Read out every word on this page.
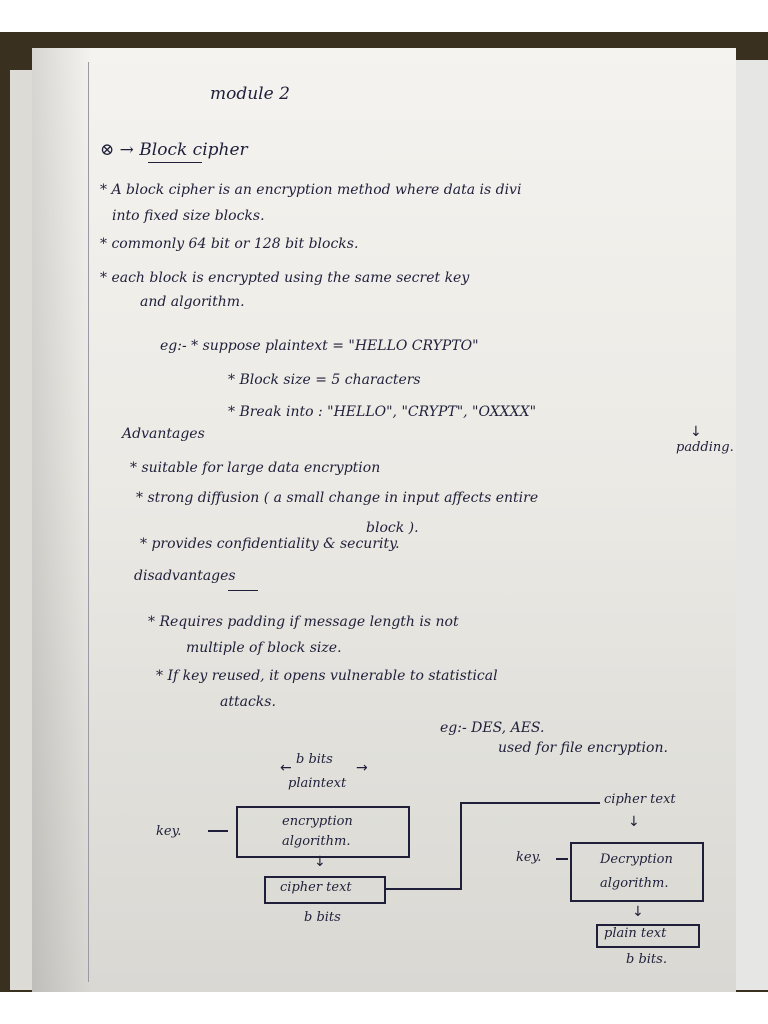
module 2
⊗ → Block cipher
* A block cipher is an encryption method where data is divi
into fixed size blocks.
* commonly 64 bit or 128 bit blocks.
* each block is encrypted using the same secret key
and algorithm.
eg:- * suppose plaintext = "HELLO CRYPTO"
* Block size = 5 characters
* Break into : "HELLO", "CRYPT", "OXXXX"
↓
padding.
Advantages
* suitable for large data encryption
* strong diffusion ( a small change in input affects entire
block ).
* provides confidentiality & security.
disadvantages
* Requires padding if message length is not
multiple of block size.
* If key reused, it opens vulnerable to statistical
attacks.
eg:- DES, AES.
used for file encryption.
b bits
←	→
plaintext
key.
encryption
algorithm.
↓
cipher text
b bits
cipher text
↓
key.	Decryption
algorithm.
↓
plain text
b bits.
